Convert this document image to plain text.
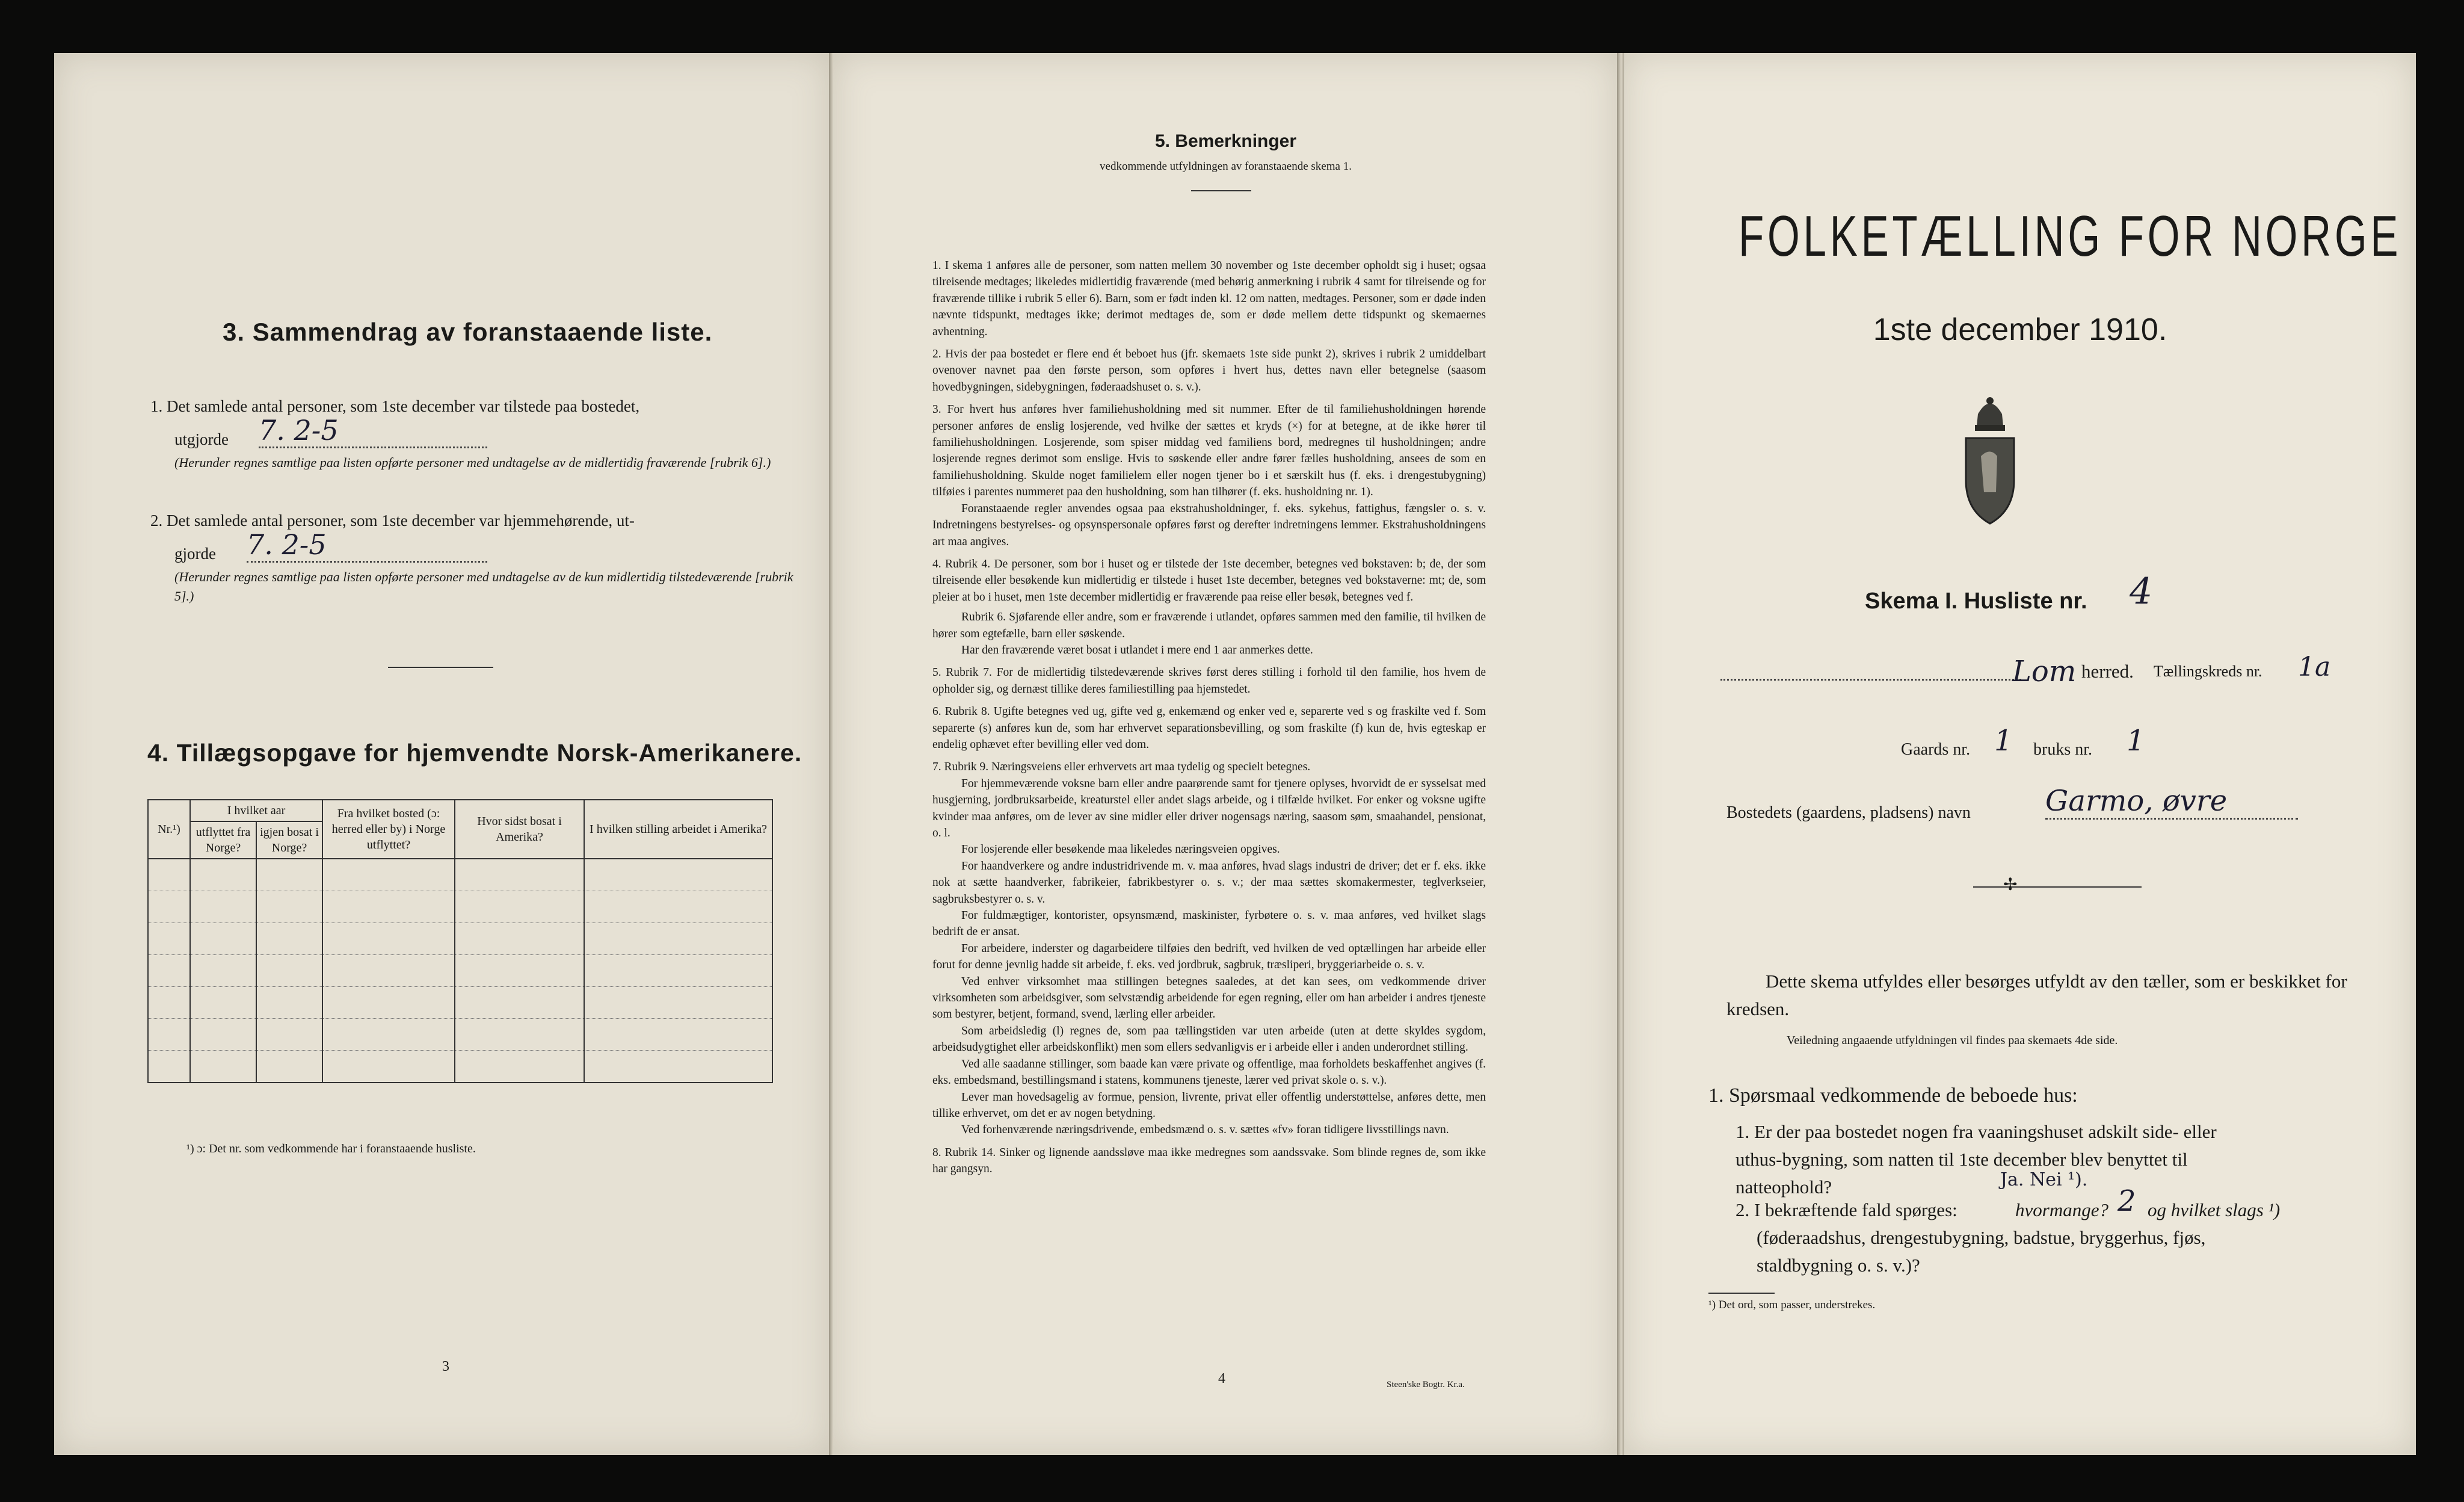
3. Sammendrag av foranstaaende liste.
1. Det samlede antal personer, som 1ste december var tilstede paa bostedet,
utgjorde 7. 2-5
(Herunder regnes samtlige paa listen opførte personer med undtagelse av de midlertidig fraværende [rubrik 6].)
2. Det samlede antal personer, som 1ste december var hjemmehørende, ut-
gjorde 7. 2-5
(Herunder regnes samtlige paa listen opførte personer med undtagelse av de kun midlertidig tilstedeværende [rubrik 5].)
4. Tillægsopgave for hjemvendte Norsk-Amerikanere.
Nr.¹)	I hvilket aar		Fra hvilket bosted (ɔ: herred eller by) i Norge utflyttet?	Hvor sidst bosat i Amerika?	I hvilken stilling arbeidet i Amerika?
	utflyttet fra Norge?	igjen bosat i Norge?			

¹) ɔ: Det nr. som vedkommende har i foranstaaende husliste.
3
5. Bemerkninger
vedkommende utfyldningen av foranstaaende skema 1.

1. I skema 1 anføres alle de personer, som natten mellem 30 november og 1ste december opholdt sig i huset; ogsaa tilreisende medtages; likeledes midlertidig fraværende (med behørig anmerkning i rubrik 4 samt for tilreisende og for fraværende tillike i rubrik 5 eller 6). Barn, som er født inden kl. 12 om natten, medtages. Personer, som er døde inden nævnte tidspunkt, medtages ikke; derimot medtages de, som er døde mellem dette tidspunkt og skemaernes avhentning.

2. Hvis der paa bostedet er flere end ét beboet hus (jfr. skemaets 1ste side punkt 2), skrives i rubrik 2 umiddelbart ovenover navnet paa den første person, som opføres i hvert hus, dettes navn eller betegnelse (saasom hovedbygningen, sidebygningen, føderaadshuset o. s. v.).

3. For hvert hus anføres hver familiehusholdning med sit nummer. Efter de til familiehusholdningen hørende personer anføres de enslig losjerende, ved hvilke der sættes et kryds (×) for at betegne, at de ikke hører til familiehusholdningen. Losjerende, som spiser middag ved familiens bord, medregnes til husholdningen; andre losjerende regnes derimot som enslige. Hvis to søskende eller andre fører fælles husholdning, ansees de som en familiehusholdning. Skulde noget familielem eller nogen tjener bo i et særskilt hus (f. eks. i drengestubygning) tilføies i parentes nummeret paa den husholdning, som han tilhører (f. eks. husholdning nr. 1).

Foranstaaende regler anvendes ogsaa paa ekstrahusholdninger, f. eks. sykehus, fattighus, fængsler o. s. v. Indretningens bestyrelses- og opsynspersonale opføres først og derefter indretningens lemmer. Ekstrahusholdningens art maa angives.

4. Rubrik 4. De personer, som bor i huset og er tilstede der 1ste december, betegnes ved bokstaven: b; de, der som tilreisende eller besøkende kun midlertidig er tilstede i huset 1ste december, betegnes ved bokstaverne: mt; de, som pleier at bo i huset, men 1ste december midlertidig er fraværende paa reise eller besøk, betegnes ved f.

Rubrik 6. Sjøfarende eller andre, som er fraværende i utlandet, opføres sammen med den familie, til hvilken de hører som egtefælle, barn eller søskende.

Har den fraværende været bosat i utlandet i mere end 1 aar anmerkes dette.

5. Rubrik 7. For de midlertidig tilstedeværende skrives først deres stilling i forhold til den familie, hos hvem de opholder sig, og dernæst tillike deres familiestilling paa hjemstedet.

6. Rubrik 8. Ugifte betegnes ved ug, gifte ved g, enkemænd og enker ved e, separerte ved s og fraskilte ved f. Som separerte (s) anføres kun de, som har erhvervet separationsbevilling, og som fraskilte (f) kun de, hvis egteskap er endelig ophævet efter bevilling eller ved dom.

7. Rubrik 9. Næringsveiens eller erhvervets art maa tydelig og specielt betegnes.

For hjemmeværende voksne barn eller andre paarørende samt for tjenere oplyses, hvorvidt de er sysselsat med husgjerning, jordbruksarbeide, kreaturstel eller andet slags arbeide, og i tilfælde hvilket. For enker og voksne ugifte kvinder maa anføres, om de lever av sine midler eller driver nogensags næring, saasom søm, smaahandel, pensionat, o. l.

For losjerende eller besøkende maa likeledes næringsveien opgives.

For haandverkere og andre industridrivende m. v. maa anføres, hvad slags industri de driver; det er f. eks. ikke nok at sætte haandverker, fabrikeier, fabrikbestyrer o. s. v.; der maa sættes skomakermester, teglverkseier, sagbruksbestyrer o. s. v.

For fuldmægtiger, kontorister, opsynsmænd, maskinister, fyrbøtere o. s. v. maa anføres, ved hvilket slags bedrift de er ansat.

For arbeidere, inderster og dagarbeidere tilføies den bedrift, ved hvilken de ved optællingen har arbeide eller forut for denne jevnlig hadde sit arbeide, f. eks. ved jordbruk, sagbruk, træsliperi, bryggeriarbeide o. s. v.

Ved enhver virksomhet maa stillingen betegnes saaledes, at det kan sees, om vedkommende driver virksomheten som arbeidsgiver, som selvstændig arbeidende for egen regning, eller om han arbeider i andres tjeneste som bestyrer, betjent, formand, svend, lærling eller arbeider.

Som arbeidsledig (l) regnes de, som paa tællingstiden var uten arbeide (uten at dette skyldes sygdom, arbeidsudygtighet eller arbeidskonflikt) men som ellers sedvanligvis er i arbeide eller i anden underordnet stilling.

Ved alle saadanne stillinger, som baade kan være private og offentlige, maa forholdets beskaffenhet angives (f. eks. embedsmand, bestillingsmand i statens, kommunens tjeneste, lærer ved privat skole o. s. v.).

Lever man hovedsagelig av formue, pension, livrente, privat eller offentlig understøttelse, anføres dette, men tillike erhvervet, om det er av nogen betydning.

Ved forhenværende næringsdrivende, embedsmænd o. s. v. sættes «fv» foran tidligere livsstillings navn.

8. Rubrik 14. Sinker og lignende aandssløve maa ikke medregnes som aandssvake. Som blinde regnes de, som ikke har gangsyn.

4	Steen'ske Bogtr. Kr.a.
FOLKETÆLLING FOR NORGE
1ste december 1910.
Skema I. Husliste nr. 4
Lom herred. Tællingskreds nr. 1a
Gaards nr. 1 bruks nr. 1
Bostedets (gaardens, pladsens) navn	Garmo, øvre
✢
Dette skema utfyldes eller besørges utfyldt av den tæller, som er beskikket for kredsen.
Veiledning angaaende utfyldningen vil findes paa skemaets 4de side.
1. Spørsmaal vedkommende de beboede hus:
1. Er der paa bostedet nogen fra vaaningshuset adskilt side- eller uthus-bygning, som natten til 1ste december blev benyttet til natteophold?	Ja. Nei ¹).
2. I bekræftende fald spørges:	hvormange? 2 og hvilket slags ¹)
(føderaadshus, drengestubygning, badstue, bryggerhus, fjøs, staldbygning o. s. v.)?
¹) Det ord, som passer, understrekes.
